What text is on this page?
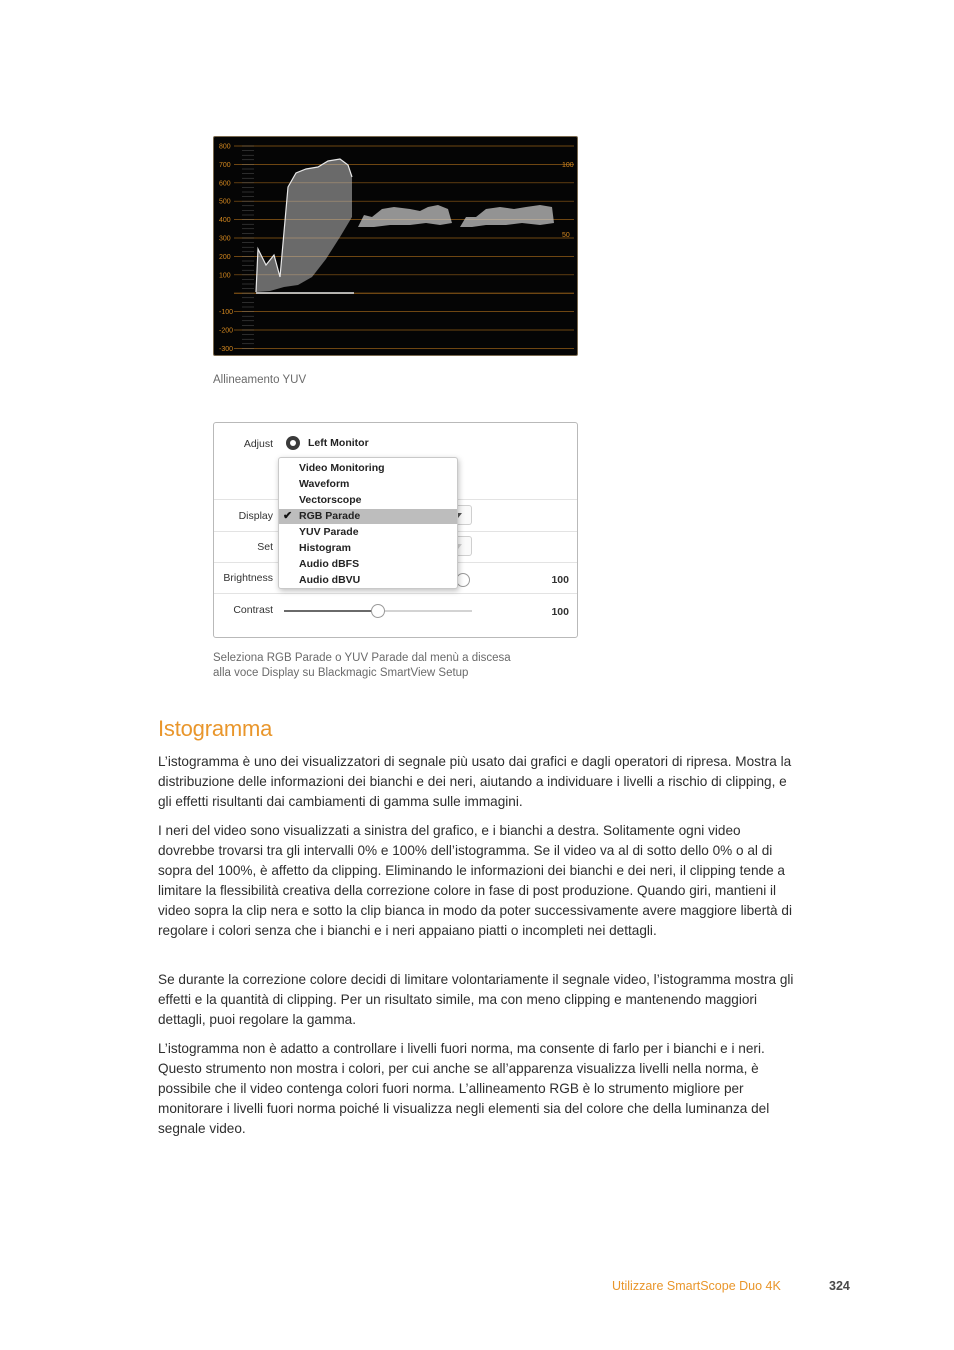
800
700
600
500
400
300
200
100
-100
-200
-300
100
50
Allineamento YUV
Adjust	Left Monitor
Display
Set
Brightness	100
Contrast	100
Video Monitoring
Waveform
Vectorscope
✔ RGB Parade
YUV Parade
Histogram
Audio dBFS
Audio dBVU
Seleziona RGB Parade o YUV Parade dal menù a discesa
alla voce Display su Blackmagic SmartView Setup
Istogramma

L’istogramma è uno dei visualizzatori di segnale più usato dai grafici e dagli operatori di ripresa. Mostra la distribuzione delle informazioni dei bianchi e dei neri, aiutando a individuare i livelli a rischio di clipping, e gli effetti risultanti dai cambiamenti di gamma sulle immagini.

I neri del video sono visualizzati a sinistra del grafico, e i bianchi a destra. Solitamente ogni video dovrebbe trovarsi tra gli intervalli 0% e 100% dell’istogramma. Se il video va al di sotto dello 0% o al di sopra del 100%, è affetto da clipping. Eliminando le informazioni dei bianchi e dei neri, il clipping tende a limitare la flessibilità creativa della correzione colore in fase di post produzione. Quando giri, mantieni il video sopra la clip nera e sotto la clip bianca in modo da poter successivamente avere maggiore libertà di regolare i colori senza che i bianchi e i neri appaiano piatti o incompleti nei dettagli.

Se durante la correzione colore decidi di limitare volontariamente il segnale video, l’istogramma mostra gli effetti e la quantità di clipping. Per un risultato simile, ma con meno clipping e mantenendo maggiori dettagli, puoi regolare la gamma.

L’istogramma non è adatto a controllare i livelli fuori norma, ma consente di farlo per i bianchi e i neri. Questo strumento non mostra i colori, per cui anche se all’apparenza visualizza livelli nella norma, è possibile che il video contenga colori fuori norma. L’allineamento RGB è lo strumento migliore per monitorare i livelli fuori norma poiché li visualizza negli elementi sia del colore che della luminanza del segnale video.

Utilizzare SmartScope Duo 4K	324
